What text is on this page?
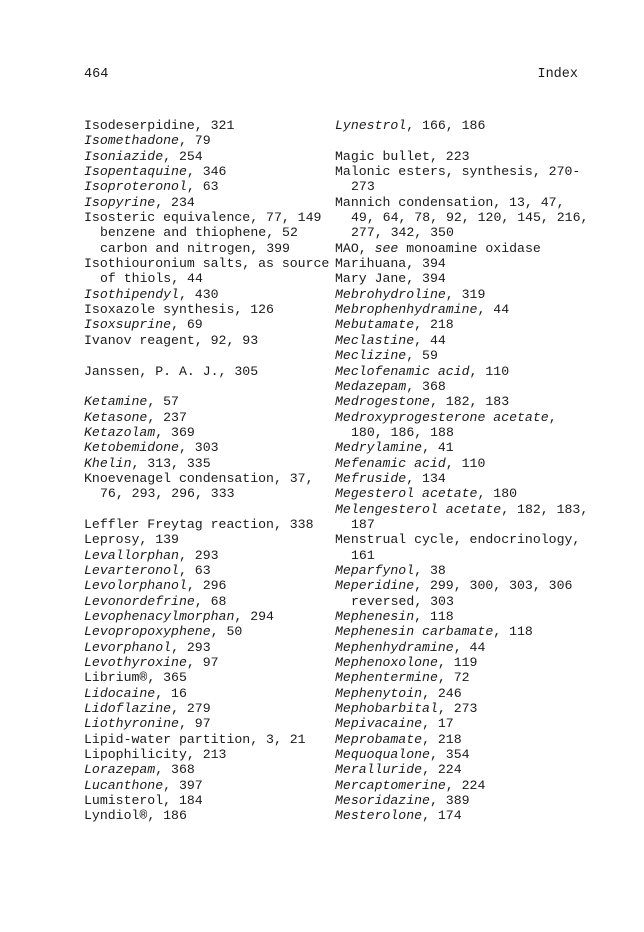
464	Index
Isodeserpidine, 321
Isomethadone, 79
Isoniazide, 254
Isopentaquine, 346
Isoproteronol, 63
Isopyrine, 234
Isosteric equivalence, 77, 149
benzene and thiophene, 52
carbon and nitrogen, 399
Isothiouronium salts, as source of thiols, 44
Isothipendyl, 430
Isoxazole synthesis, 126
Isoxsuprine, 69
Ivanov reagent, 92, 93
Janssen, P. A. J., 305
Ketamine, 57
Ketasone, 237
Ketazolam, 369
Ketobemidone, 303
Khelin, 313, 335
Knoevenagel condensation, 37, 76, 293, 296, 333
Leffler Freytag reaction, 338
Leprosy, 139
Levallorphan, 293
Levarteronol, 63
Levolorphanol, 296
Levonordefrine, 68
Levophenacylmorphan, 294
Levopropoxyphene, 50
Levorphanol, 293
Levothyroxine, 97
Librium®, 365
Lidocaine, 16
Lidoflazine, 279
Liothyronine, 97
Lipid-water partition, 3, 21
Lipophilicity, 213
Lorazepam, 368
Lucanthone, 397
Lumisterol, 184
Lyndiol®, 186
Lynestrol, 166, 186
Magic bullet, 223
Malonic esters, synthesis, 270-273
Mannich condensation, 13, 47, 49, 64, 78, 92, 120, 145, 216, 277, 342, 350
MAO, see monoamine oxidase
Marihuana, 394
Mary Jane, 394
Mebrohydroline, 319
Mebrophenhydramine, 44
Mebutamate, 218
Meclastine, 44
Meclizine, 59
Meclofenamic acid, 110
Medazepam, 368
Medrogestone, 182, 183
Medroxyprogesterone acetate, 180, 186, 188
Medrylamine, 41
Mefenamic acid, 110
Mefruside, 134
Megesterol acetate, 180
Melengesterol acetate, 182, 183, 187
Menstrual cycle, endocrinology, 161
Meparfynol, 38
Meperidine, 299, 300, 303, 306
reversed, 303
Mephenesin, 118
Mephenesin carbamate, 118
Mephenhydramine, 44
Mephenoxolone, 119
Mephentermine, 72
Mephenytoin, 246
Mephobarbital, 273
Mepivacaine, 17
Meprobamate, 218
Mequoqualone, 354
Meralluride, 224
Mercaptomerine, 224
Mesoridazine, 389
Mesterolone, 174
